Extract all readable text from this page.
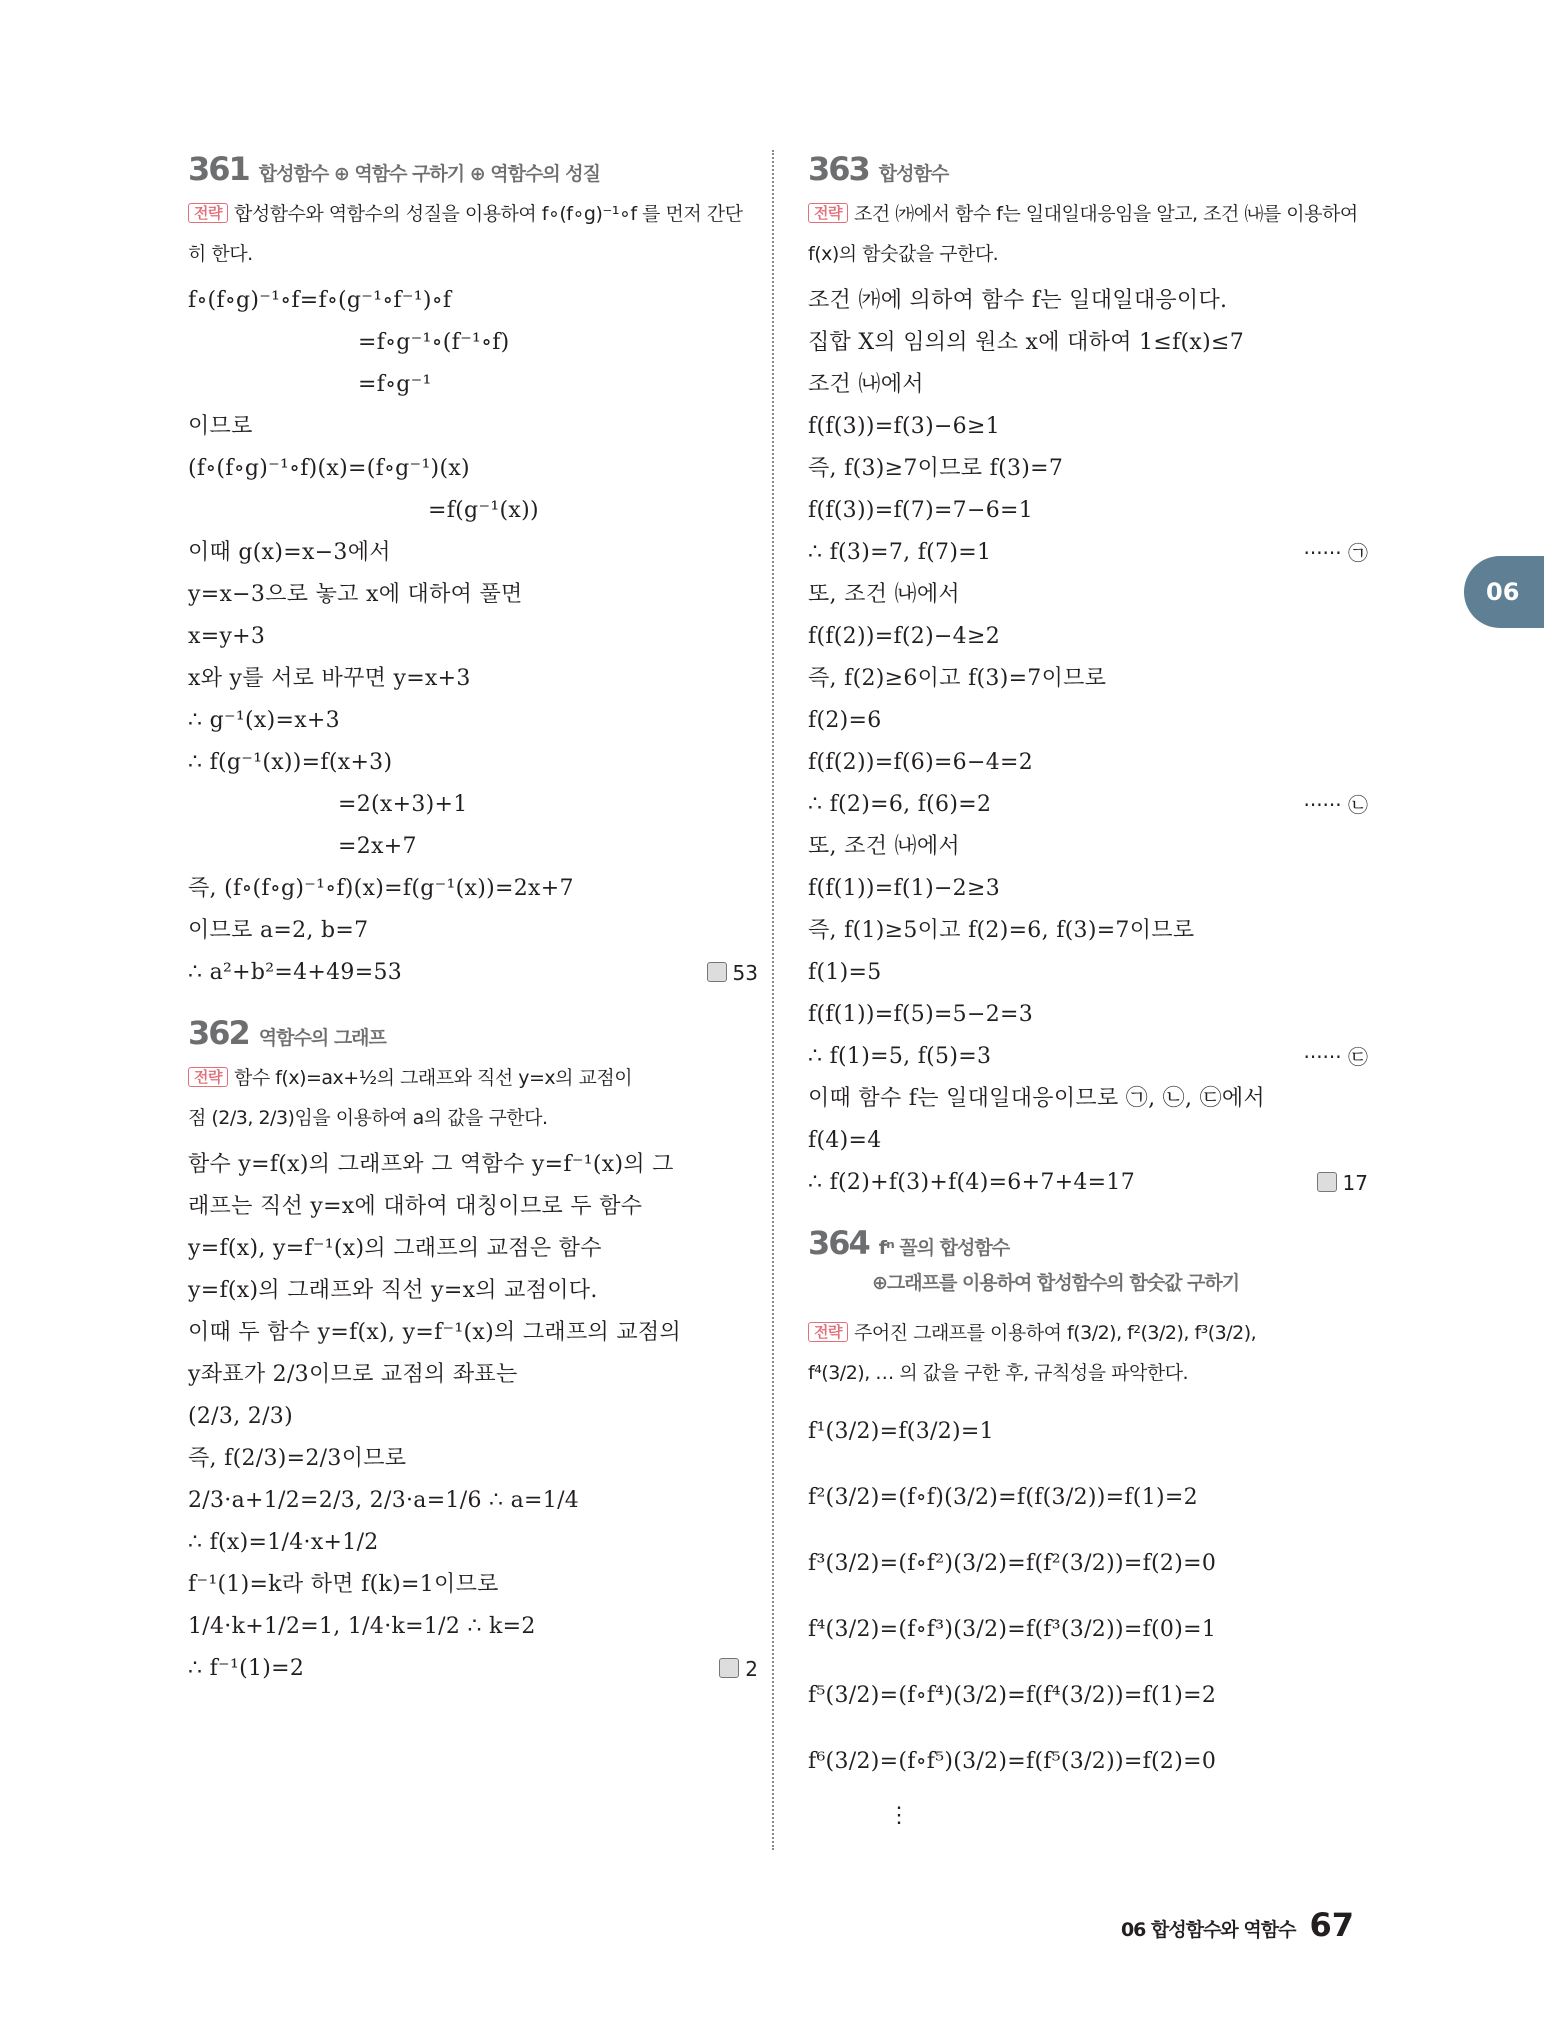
361 합성함수 ⊕ 역함수 구하기 ⊕ 역함수의 성질
전략 합성함수와 역함수의 성질을 이용하여 f∘(f∘g)⁻¹∘f 를 먼저 간단히 한다.
f∘(f∘g)⁻¹∘f=f∘(g⁻¹∘f⁻¹)∘f
=f∘g⁻¹∘(f⁻¹∘f)
=f∘g⁻¹
이므로
(f∘(f∘g)⁻¹∘f)(x)=(f∘g⁻¹)(x)
=f(g⁻¹(x))
이때 g(x)=x−3에서
y=x−3으로 놓고 x에 대하여 풀면
x=y+3
x와 y를 서로 바꾸면 y=x+3
∴ g⁻¹(x)=x+3
∴ f(g⁻¹(x))=f(x+3)
=2(x+3)+1
=2x+7
즉, (f∘(f∘g)⁻¹∘f)(x)=f(g⁻¹(x))=2x+7
이므로 a=2, b=7
∴ a²+b²=4+49=53	53
362 역함수의 그래프
전략 함수 f(x)=ax+½의 그래프와 직선 y=x의 교점이
점 (2/3, 2/3)임을 이용하여 a의 값을 구한다.
함수 y=f(x)의 그래프와 그 역함수 y=f⁻¹(x)의 그
래프는 직선 y=x에 대하여 대칭이므로 두 함수
y=f(x), y=f⁻¹(x)의 그래프의 교점은 함수
y=f(x)의 그래프와 직선 y=x의 교점이다.
이때 두 함수 y=f(x), y=f⁻¹(x)의 그래프의 교점의
y좌표가 2/3이므로 교점의 좌표는
(2/3, 2/3)
즉, f(2/3)=2/3이므로
2/3·a+1/2=2/3, 2/3·a=1/6 ∴ a=1/4
∴ f(x)=1/4·x+1/2
f⁻¹(1)=k라 하면 f(k)=1이므로
1/4·k+1/2=1, 1/4·k=1/2 ∴ k=2
∴ f⁻¹(1)=2	2
363 합성함수
전략 조건 ㈎에서 함수 f는 일대일대응임을 알고, 조건 ㈏를 이용하여 f(x)의 함숫값을 구한다.
조건 ㈎에 의하여 함수 f는 일대일대응이다.
집합 X의 임의의 원소 x에 대하여 1≤f(x)≤7
조건 ㈏에서
f(f(3))=f(3)−6≥1
즉, f(3)≥7이므로 f(3)=7
f(f(3))=f(7)=7−6=1
∴ f(3)=7, f(7)=1	······ ㉠
또, 조건 ㈏에서
f(f(2))=f(2)−4≥2
즉, f(2)≥6이고 f(3)=7이므로
f(2)=6
f(f(2))=f(6)=6−4=2
∴ f(2)=6, f(6)=2	······ ㉡
또, 조건 ㈏에서
f(f(1))=f(1)−2≥3
즉, f(1)≥5이고 f(2)=6, f(3)=7이므로
f(1)=5
f(f(1))=f(5)=5−2=3
∴ f(1)=5, f(5)=3	······ ㉢
이때 함수 f는 일대일대응이므로 ㉠, ㉡, ㉢에서
f(4)=4
∴ f(2)+f(3)+f(4)=6+7+4=17	17
364 fⁿ 꼴의 합성함수
⊕그래프를 이용하여 합성함수의 함숫값 구하기
전략 주어진 그래프를 이용하여 f(3/2), f²(3/2), f³(3/2),
f⁴(3/2), … 의 값을 구한 후, 규칙성을 파악한다.
f¹(3/2)=f(3/2)=1
f²(3/2)=(f∘f)(3/2)=f(f(3/2))=f(1)=2
f³(3/2)=(f∘f²)(3/2)=f(f²(3/2))=f(2)=0
f⁴(3/2)=(f∘f³)(3/2)=f(f³(3/2))=f(0)=1
f⁵(3/2)=(f∘f⁴)(3/2)=f(f⁴(3/2))=f(1)=2
f⁶(3/2)=(f∘f⁵)(3/2)=f(f⁵(3/2))=f(2)=0
⋮
06
06 합성함수와 역함수 67
